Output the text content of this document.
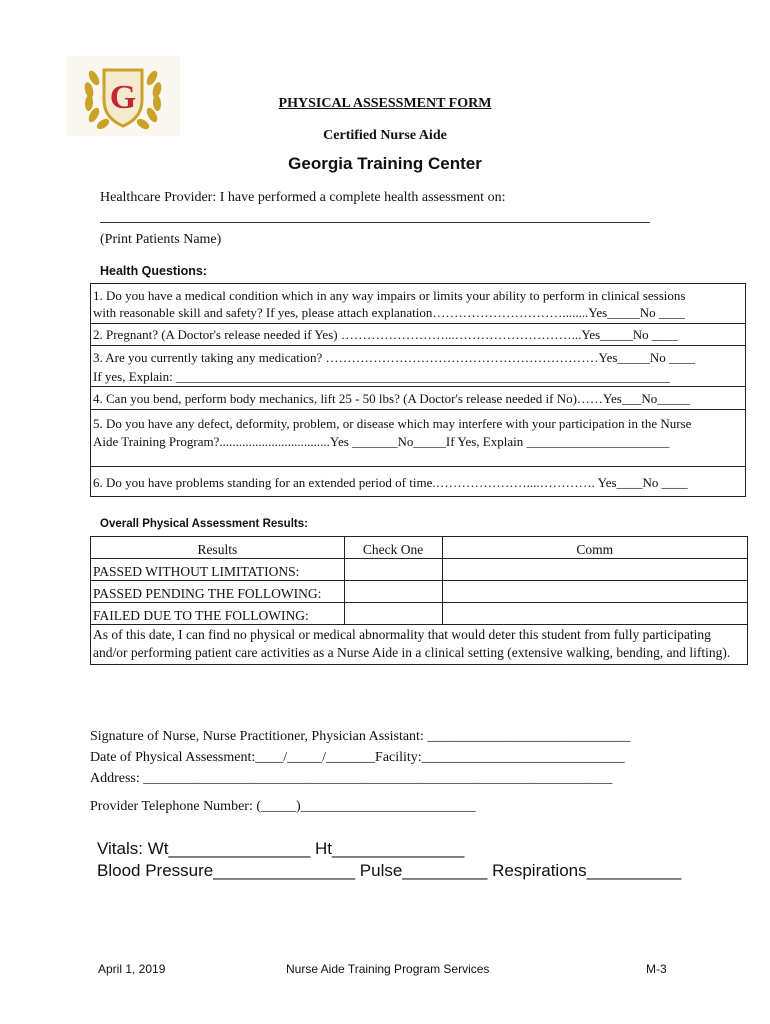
G	PHYSICAL ASSESSMENT FORM
Certified Nurse Aide
Georgia Training Center
Healthcare Provider: I have performed a complete health assessment on:
(Print Patients Name)
Health Questions:
1. Do you have a medical condition which in any way impairs or limits your ability to perform in clinical sessions
with reasonable skill and safety? If yes, please attach explanation…………………………........Yes_____No ____
2. Pregnant? (A Doctor's release needed if Yes) ……………………...………………………...Yes_____No ____
3. Are you currently taking any medication? ………………………………………………………Yes_____No ____
If yes, Explain: ____________________________________________________________________________
4. Can you bend, perform body mechanics, lift 25 - 50 lbs? (A Doctor's release needed if No)……Yes___No_____
5. Do you have any defect, deformity, problem, or disease which may interfere with your participation in the Nurse
Aide Training Program?..................................Yes _______No_____If Yes, Explain ______________________
6. Do you have problems standing for an extended period of time.…………………....…………. Yes____No ____
Overall Physical Assessment Results:
Results	Check One	Comm
PASSED WITHOUT LIMITATIONS:		
PASSED PENDING THE FOLLOWING:		
FAILED DUE TO THE FOLLOWING:		
As of this date, I can find no physical or medical abnormality that would deter this student from fully participating and/or performing patient care activities as a Nurse Aide in a clinical setting (extensive walking, bending, and lifting).		
Signature of Nurse, Nurse Practitioner, Physician Assistant: _____________________________
Date of Physical Assessment:____/_____/_______Facility:_____________________________
Address: ___________________________________________________________________
Provider Telephone Number: (_____)_________________________
Vitals: Wt_______________ Ht______________
Blood Pressure_______________ Pulse_________ Respirations__________
April 1, 2019	Nurse Aide Training Program Services	M-3
